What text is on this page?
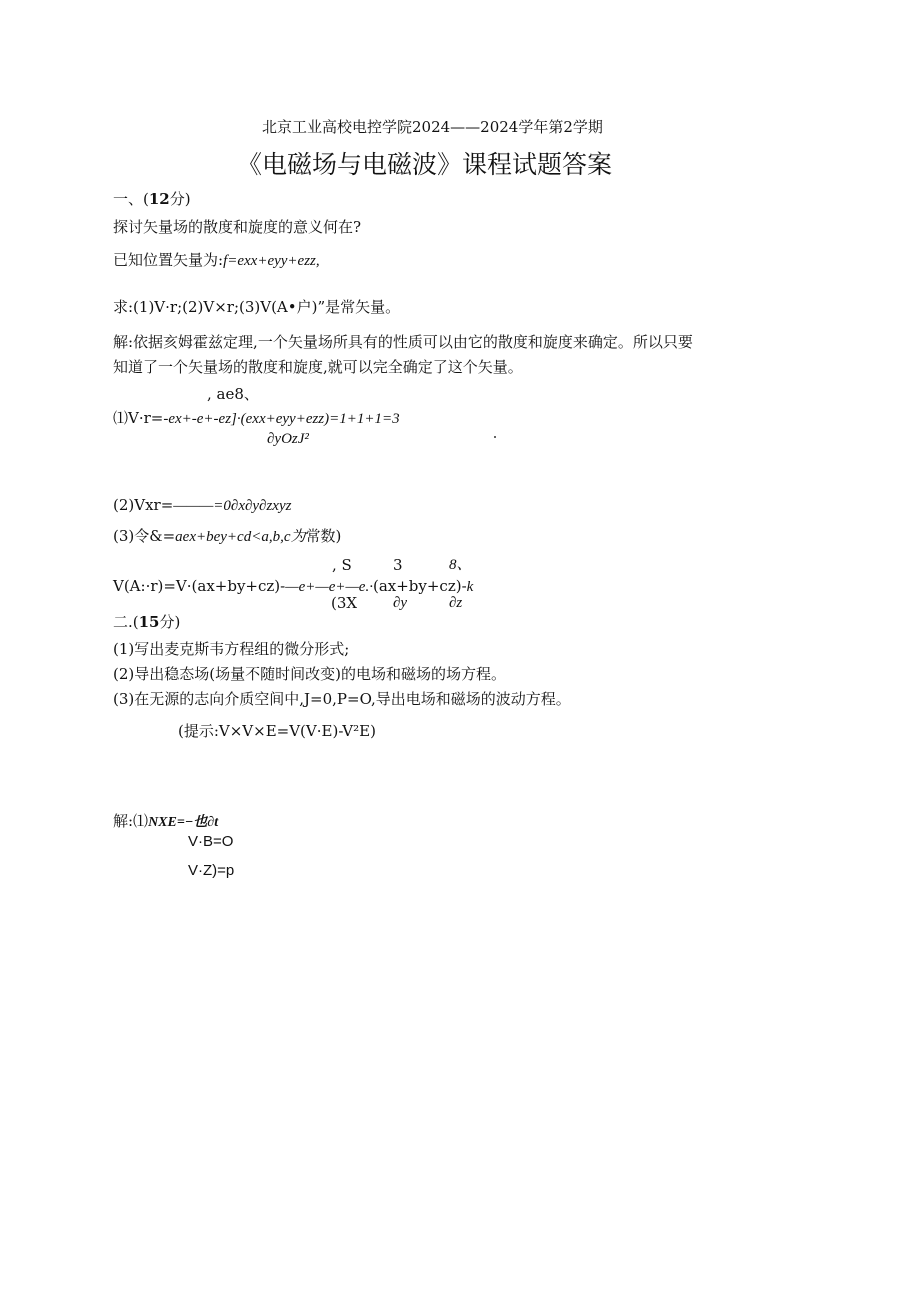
北京工业高校电控学院2024——2024学年第2学期
《电磁场与电磁波》课程试题答案
一、(12分)
探讨矢量场的散度和旋度的意义何在?
已知位置矢量为:f=exx+eyy+ezz,
求:(1)V·r;(2)V×r;(3)V(A•户)”是常矢量。
解:依据亥姆霍兹定理,一个矢量场所具有的性质可以由它的散度和旋度来确定。所以只要
知道了一个矢量场的散度和旋度,就可以完全确定了这个矢量。
, ae8、
⑴V·r=-ex+-e+-ez]·(exx+eyy+ezz)=1+1+1=3
∂yOzJ²
(2)Vxr=———=0∂x∂y∂zxyz
(3)令&=aex+bey+cd<a,b,c为常数)
, S	3	8、
V(A:·r)=V·(ax+by+cz)-—e+—e+—e.·(ax+by+cz)-k
(3X ∂y	∂z
二.(15分)
(1)写出麦克斯韦方程组的微分形式;
(2)导出稳态场(场量不随时间改变)的电场和磁场的场方程。
(3)在无源的志向介质空间中,J=0,P=O,导出电场和磁场的波动方程。
(提示:V×V×E=V(V·E)-V²E)
解:⑴NXE=−也∂t
V·B=O
V·Z)=p
